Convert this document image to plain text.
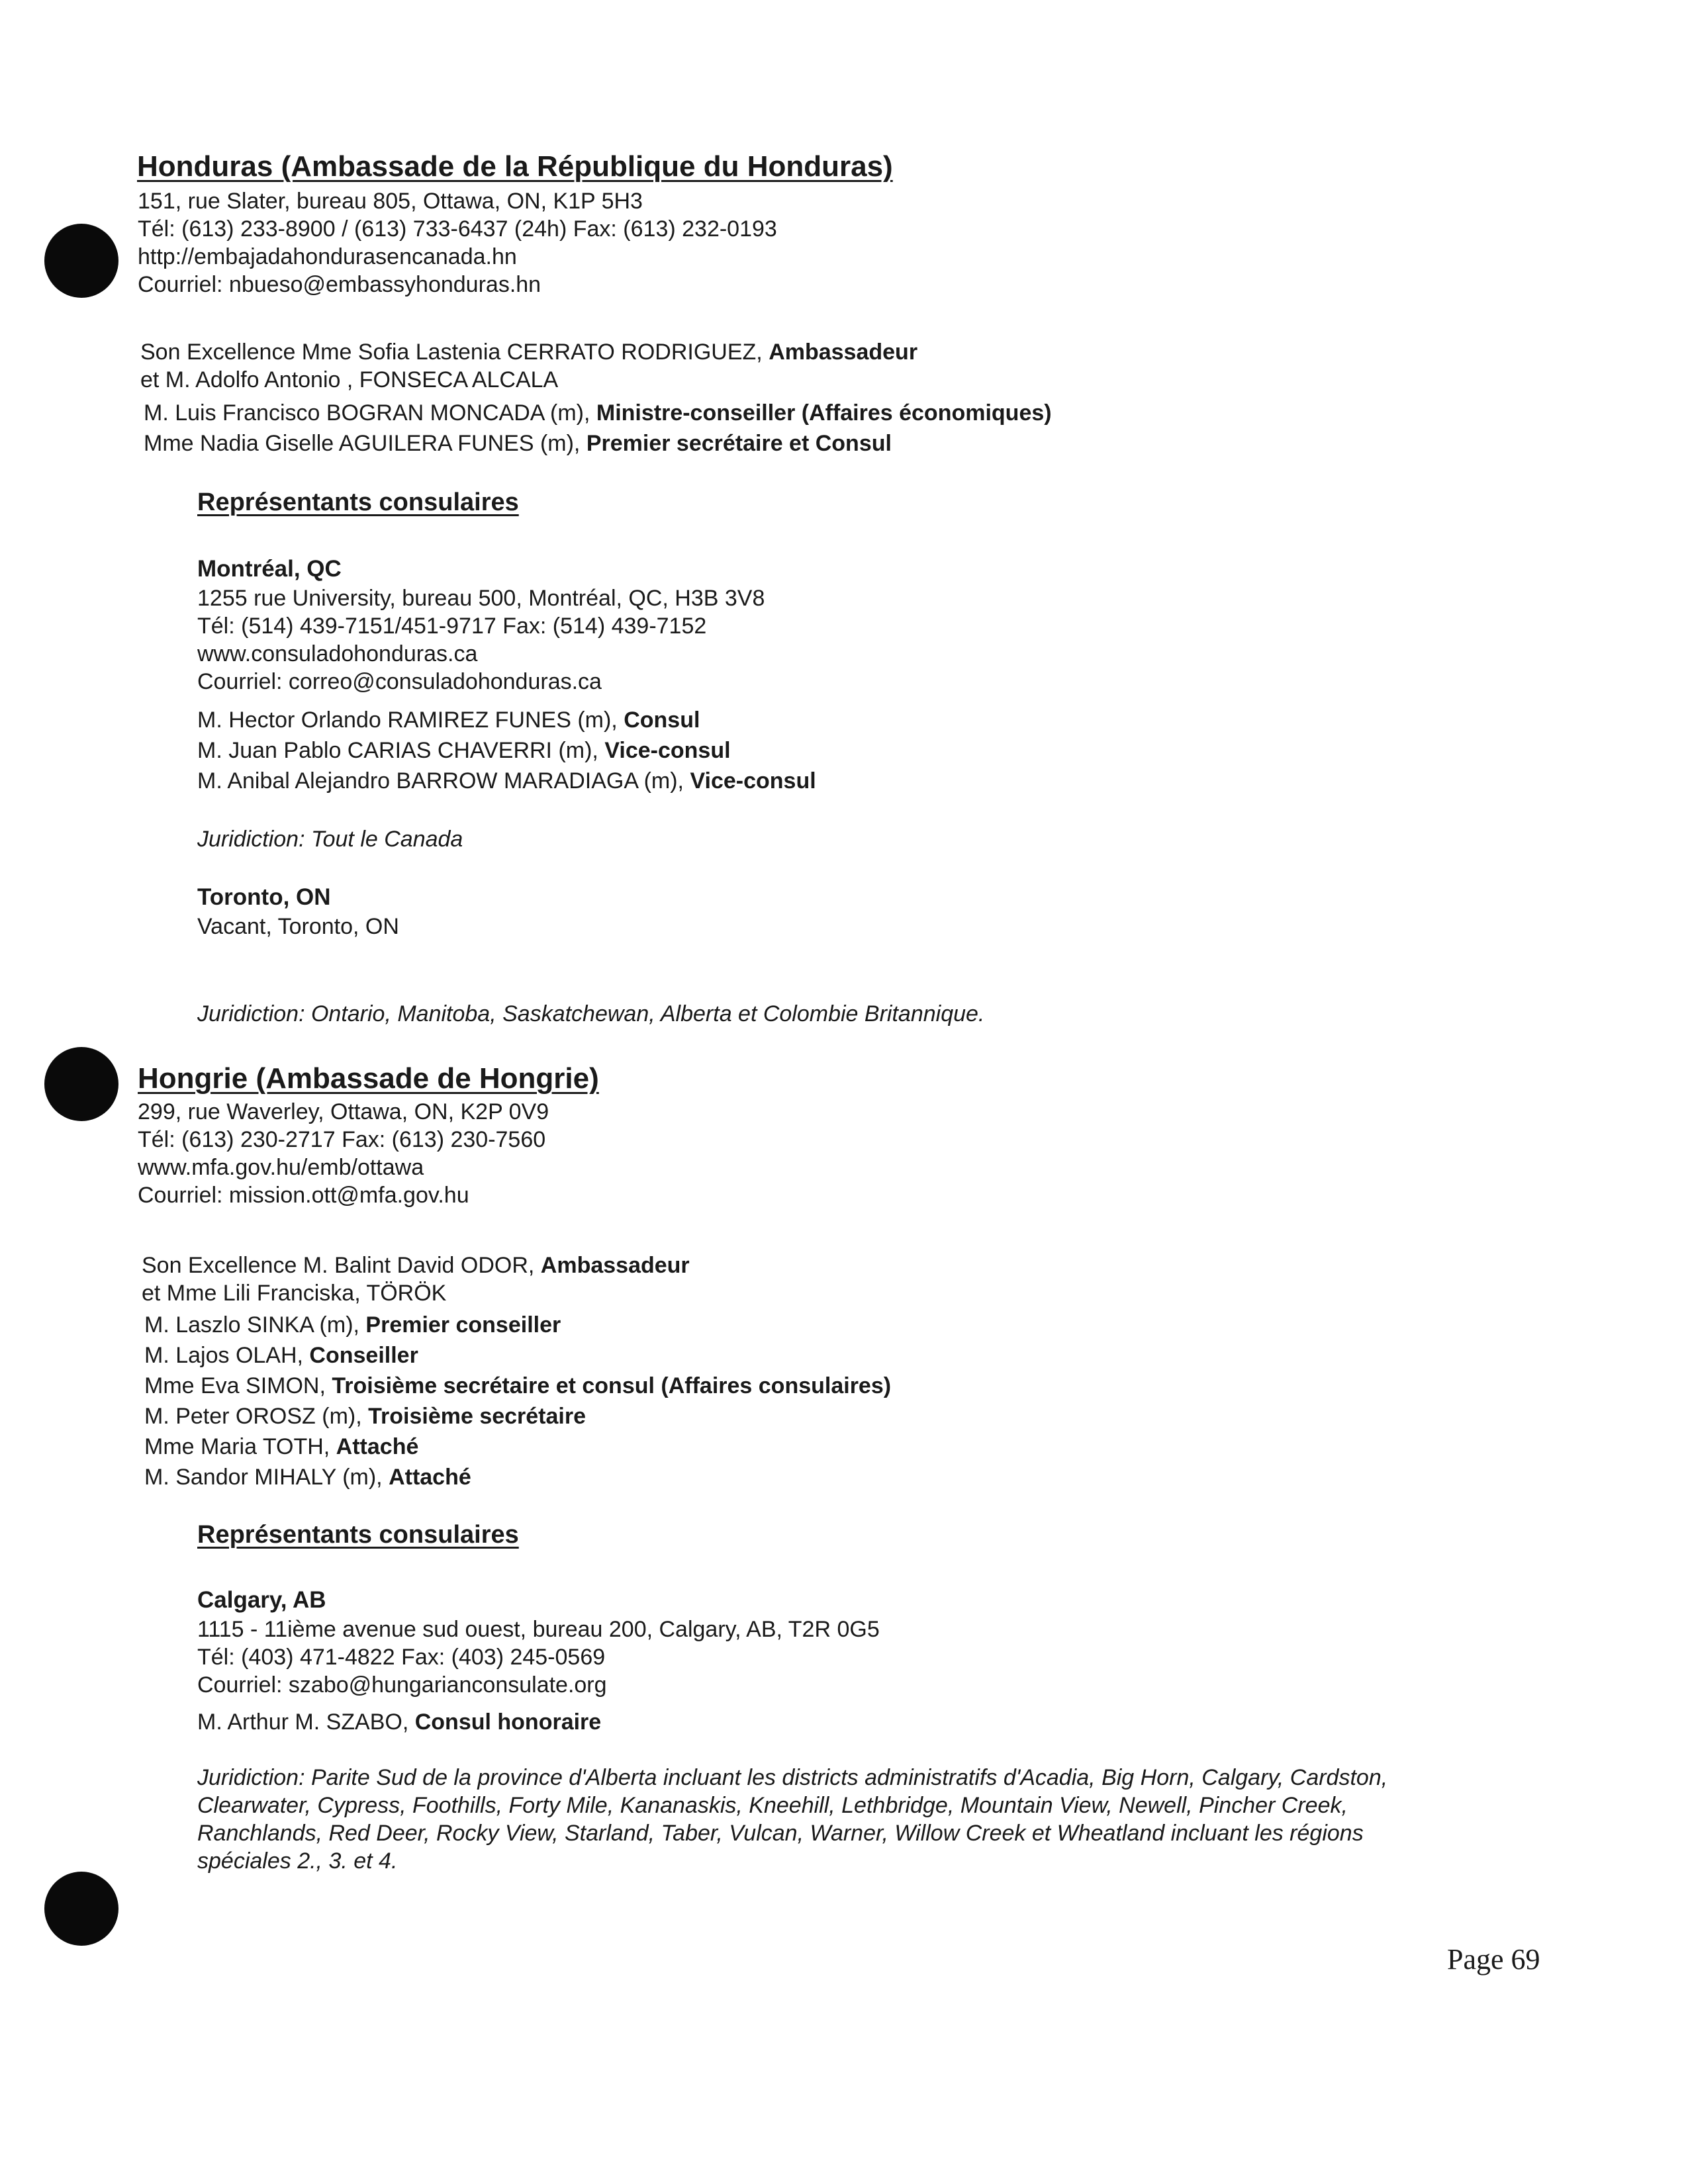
Honduras (Ambassade de la République du Honduras)
151, rue Slater, bureau 805, Ottawa, ON, K1P 5H3
Tél: (613) 233-8900 / (613) 733-6437 (24h) Fax: (613) 232-0193
http://embajadahondurasencanada.hn
Courriel: nbueso@embassyhonduras.hn
Son Excellence Mme Sofia Lastenia CERRATO RODRIGUEZ, Ambassadeur
et M. Adolfo Antonio , FONSECA ALCALA
M. Luis Francisco BOGRAN MONCADA (m), Ministre-conseiller (Affaires économiques)
Mme Nadia Giselle AGUILERA FUNES (m), Premier secrétaire et Consul
Représentants consulaires
Montréal, QC
1255 rue University, bureau 500, Montréal, QC, H3B 3V8
Tél: (514) 439-7151/451-9717 Fax: (514) 439-7152
www.consuladohonduras.ca
Courriel: correo@consuladohonduras.ca
M. Hector Orlando RAMIREZ FUNES (m), Consul
M. Juan Pablo CARIAS CHAVERRI (m), Vice-consul
M. Anibal Alejandro BARROW MARADIAGA (m), Vice-consul
Juridiction: Tout le Canada
Toronto, ON
Vacant, Toronto, ON
Juridiction: Ontario, Manitoba, Saskatchewan, Alberta et Colombie Britannique.
Hongrie (Ambassade de Hongrie)
299, rue Waverley, Ottawa, ON, K2P 0V9
Tél: (613) 230-2717 Fax: (613) 230-7560
www.mfa.gov.hu/emb/ottawa
Courriel: mission.ott@mfa.gov.hu
Son Excellence M. Balint David ODOR, Ambassadeur
et Mme Lili Franciska, TÖRÖK
M. Laszlo SINKA (m), Premier conseiller
M. Lajos OLAH, Conseiller
Mme Eva SIMON, Troisième secrétaire et consul (Affaires consulaires)
M. Peter OROSZ (m), Troisième secrétaire
Mme Maria TOTH, Attaché
M. Sandor MIHALY (m), Attaché
Représentants consulaires
Calgary, AB
1115 - 11ième avenue sud ouest, bureau 200, Calgary, AB, T2R 0G5
Tél: (403) 471-4822 Fax: (403) 245-0569
Courriel: szabo@hungarianconsulate.org
M. Arthur M. SZABO, Consul honoraire
Juridiction: Parite Sud de la province d'Alberta incluant les districts administratifs d'Acadia, Big Horn, Calgary, Cardston,
Clearwater, Cypress, Foothills, Forty Mile, Kananaskis, Kneehill, Lethbridge, Mountain View, Newell, Pincher Creek,
Ranchlands, Red Deer, Rocky View, Starland, Taber, Vulcan, Warner, Willow Creek et Wheatland incluant les régions
spéciales 2., 3. et 4.
Page 69
